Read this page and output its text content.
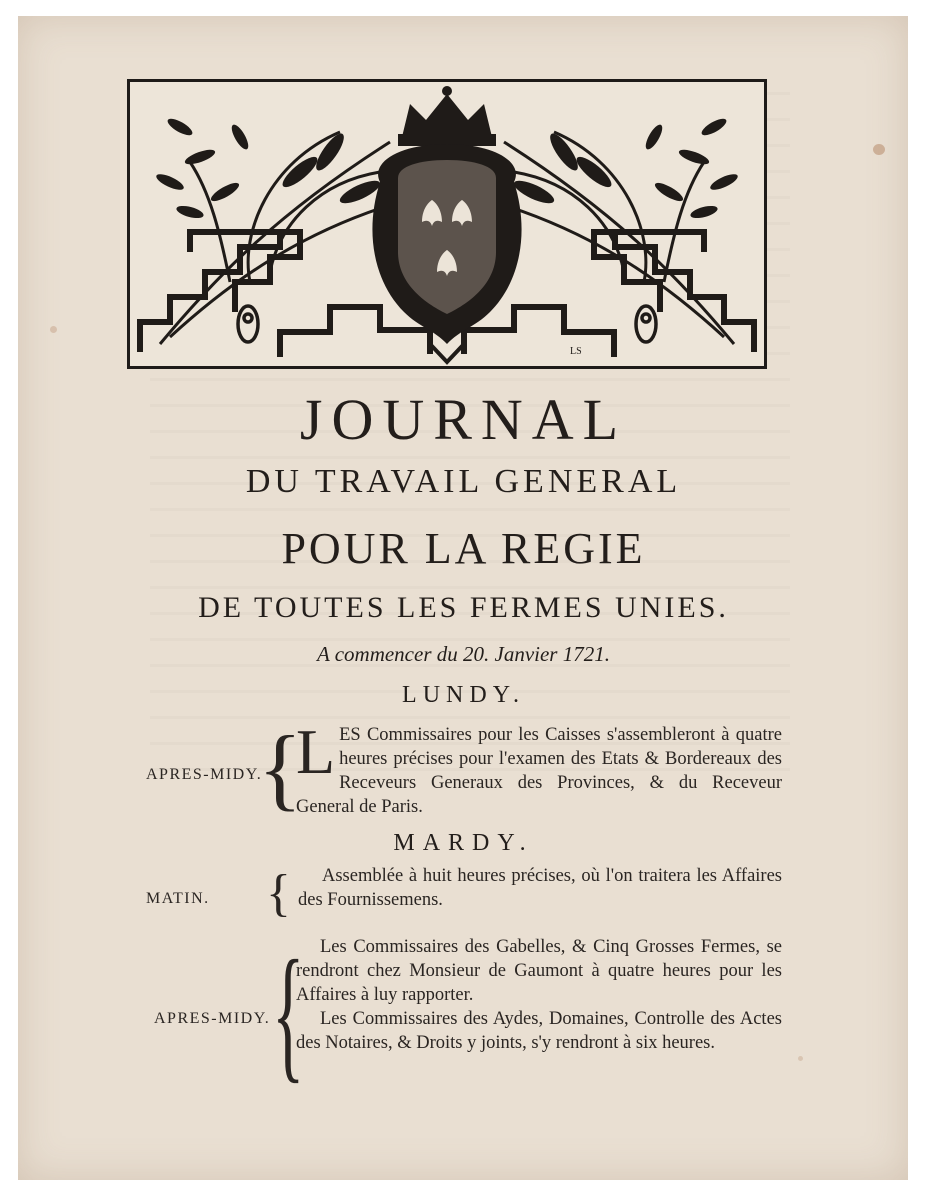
LS
JOURNAL
DU TRAVAIL GENERAL
POUR LA REGIE
DE TOUTES LES FERMES UNIES.
A commencer du 20. Janvier 1721.
LUNDY.
APRES-MIDY.
{

LES Commissaires pour les Caisses s'assembleront à quatre heures précises pour l'examen des Etats & Bordereaux des Receveurs Generaux des Provinces, & du Receveur General de Paris.

MARDY.
MATIN. {	Assemblée à huit heures précises, où l'on traitera les Affaires des Fournissemens.

APRES-MIDY. { Les Commissaires des Gabelles, & Cinq Grosses Fermes, se rendront chez Monsieur de Gaumont à quatre heures pour les Affaires à luy rapporter.

Les Commissaires des Aydes, Domaines, Controlle des Actes des Notaires, & Droits y joints, s'y rendront à six heures.
